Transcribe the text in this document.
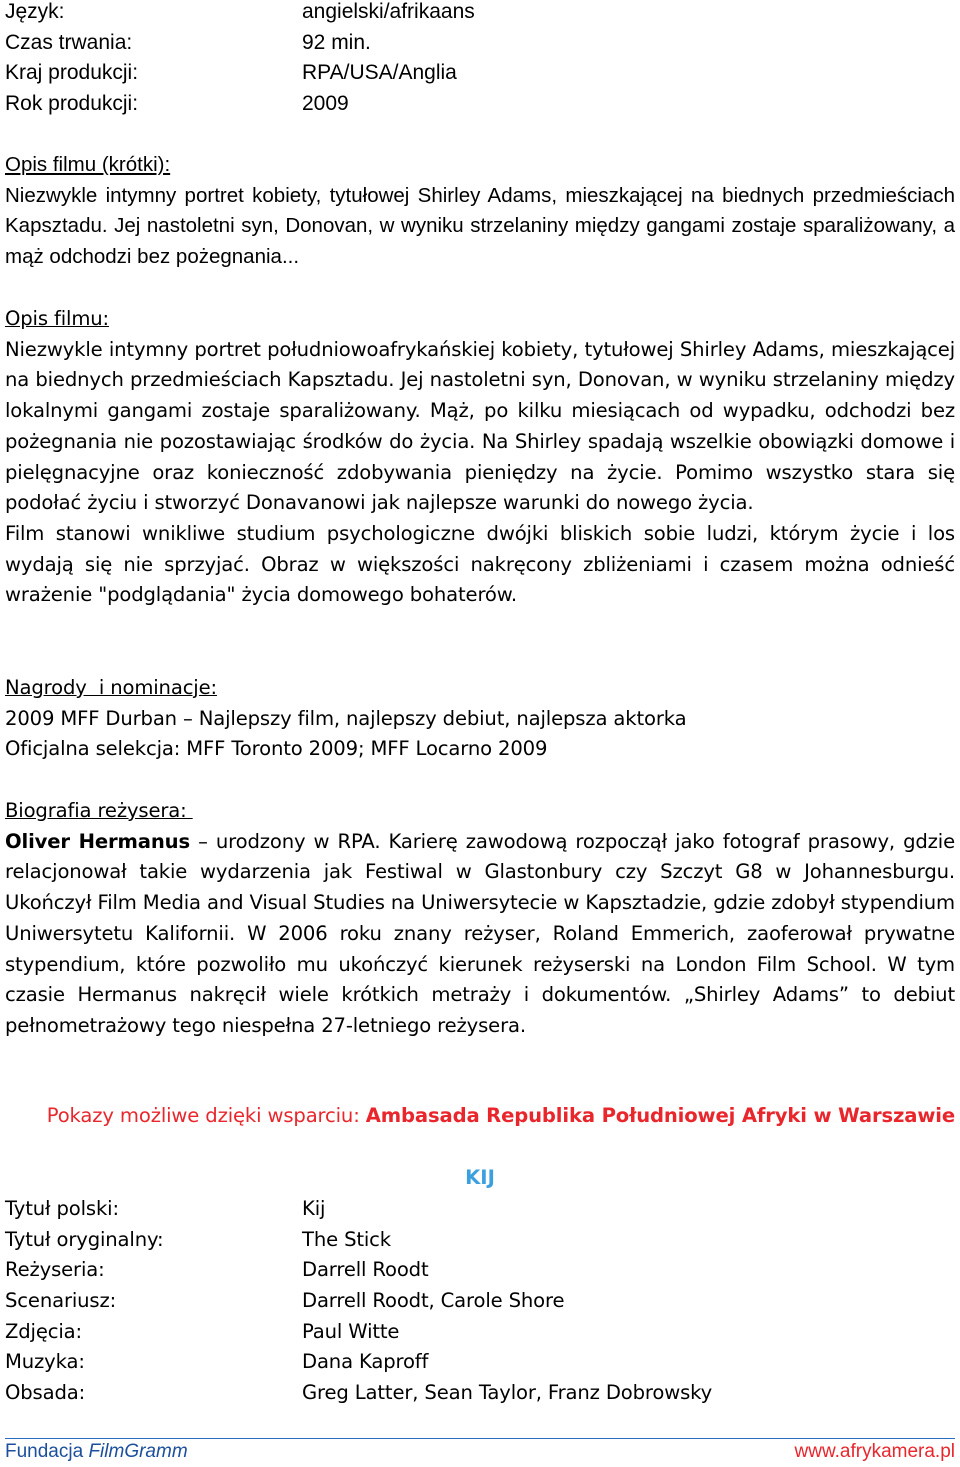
Język:	angielski/afrikaans
Czas trwania:	92 min.
Kraj produkcji:	RPA/USA/Anglia
Rok produkcji:	2009
Opis filmu (krótki):

Niezwykle intymny portret kobiety, tytułowej Shirley Adams, mieszkającej na biednych przedmieściach Kapsztadu. Jej nastoletni syn, Donovan, w wyniku strzelaniny między gangami zostaje sparaliżowany, a mąż odchodzi bez pożegnania...

Opis filmu:

Niezwykle intymny portret południowoafrykańskiej kobiety, tytułowej Shirley Adams, mieszkającej na biednych przedmieściach Kapsztadu. Jej nastoletni syn, Donovan, w wyniku strzelaniny między lokalnymi gangami zostaje sparaliżowany. Mąż, po kilku miesiącach od wypadku, odchodzi bez pożegnania nie pozostawiając środków do życia. Na Shirley spadają wszelkie obowiązki domowe i pielęgnacyjne oraz konieczność zdobywania pieniędzy na życie. Pomimo wszystko stara się podołać życiu i stworzyć Donavanowi jak najlepsze warunki do nowego życia.

Film stanowi wnikliwe studium psychologiczne dwójki bliskich sobie ludzi, którym życie i los wydają się nie sprzyjać. Obraz w większości nakręcony zbliżeniami i czasem można odnieść wrażenie "podglądania" życia domowego bohaterów.

Nagrody  i nominacje:
2009 MFF Durban – Najlepszy film, najlepszy debiut, najlepsza aktorka
Oficjalna selekcja: MFF Toronto 2009; MFF Locarno 2009
Biografia reżysera:

Oliver Hermanus – urodzony w RPA. Karierę zawodową rozpoczął jako fotograf prasowy, gdzie relacjonował takie wydarzenia jak Festiwal w Glastonbury czy Szczyt G8 w Johannesburgu. Ukończył Film Media and Visual Studies na Uniwersytecie w Kapsztadzie, gdzie zdobył stypendium Uniwersytetu Kalifornii. W 2006 roku znany reżyser, Roland Emmerich, zaoferował prywatne stypendium, które pozwoliło mu ukończyć kierunek reżyserski na London Film School. W tym czasie Hermanus nakręcił wiele krótkich metraży i dokumentów. „Shirley Adams” to debiut pełnometrażowy tego niespełna 27-letniego reżysera.

Pokazy możliwe dzięki wsparciu: Ambasada Republika Południowej Afryki w Warszawie
KIJ
Tytuł polski:	Kij
Tytuł oryginalny:	The Stick
Reżyseria:	Darrell Roodt
Scenariusz:	Darrell Roodt, Carole Shore
Zdjęcia:	Paul Witte
Muzyka:	Dana Kaproff
Obsada:	Greg Latter, Sean Taylor, Franz Dobrowsky
Fundacja FilmGramm	www.afrykamera.pl
